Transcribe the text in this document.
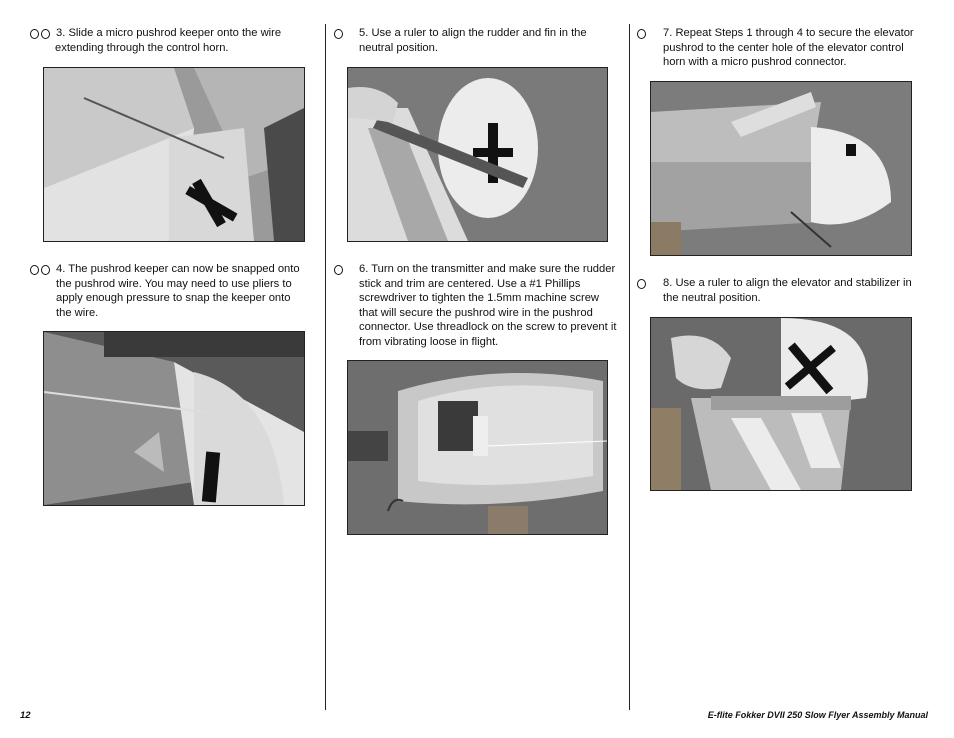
3. Slide a micro pushrod keeper onto the wire
extending through the control horn.
4. The pushrod keeper can now be snapped onto
the pushrod wire. You may need to use pliers to
apply enough pressure to snap the keeper onto
the wire.
5. Use a ruler to align the rudder and fin in the
neutral position.
6. Turn on the transmitter and make sure the rudder
stick and trim are centered. Use a #1 Phillips
screwdriver to tighten the 1.5mm machine screw
that will secure the pushrod wire in the pushrod
connector. Use threadlock on the screw to prevent it
from vibrating loose in flight.
7. Repeat Steps 1 through 4 to secure the elevator
pushrod to the center hole of the elevator control
horn with a micro pushrod connector.
8. Use a ruler to align the elevator and stabilizer in
the neutral position.
12	E-flite Fokker DVII 250 Slow Flyer Assembly Manual
